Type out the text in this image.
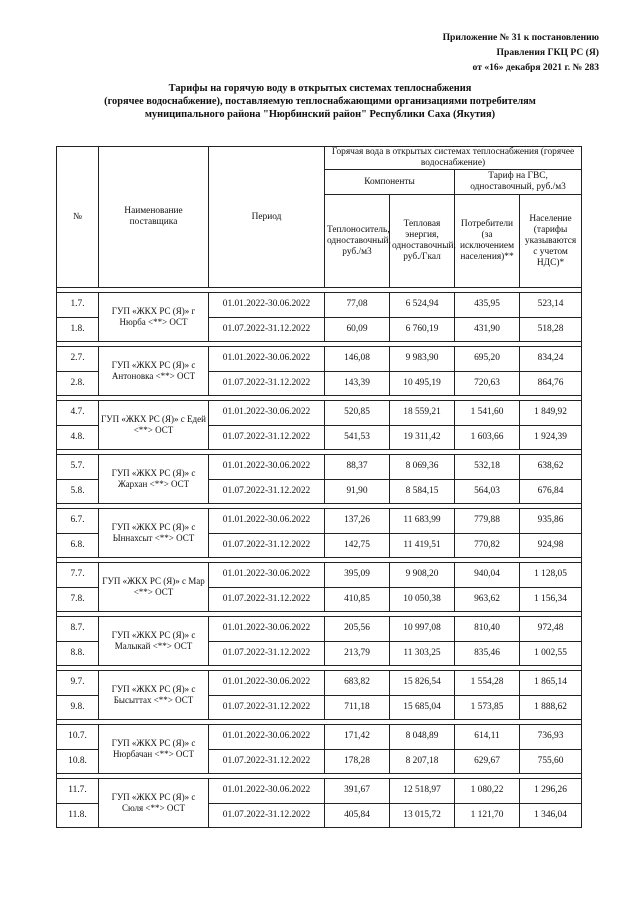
Приложение № 31 к постановлению
Правления ГКЦ РС (Я)
от «16» декабря 2021 г. № 283
Тарифы на горячую воду в открытых системах теплоснабжения
(горячее водоснабжение), поставляемую теплоснабжающими организациями потребителям
муниципального района "Нюрбинский район" Республики Саха (Якутия)
№	Наименование поставщика	Период	Горячая вода в открытых системах теплоснабжения (горячее водоснабжение)			
			Компоненты		Тариф на ГВС, одноставочный, руб./м3	
			Теплоноситель, одноставочный, руб./м3	Тепловая энергия, одноставочный, руб./Гкал	Потребители (за исключением населения)**	Население (тарифы указываются с учетом НДС)*

1.7.	ГУП «ЖКХ РС (Я)» г Нюрба <**> ОСТ	01.01.2022-30.06.2022	77,08	6 524,94	435,95	523,14
1.8.		01.07.2022-31.12.2022	60,09	6 760,19	431,90	518,28

2.7.	ГУП «ЖКХ РС (Я)» с Антоновка <**> ОСТ	01.01.2022-30.06.2022	146,08	9 983,90	695,20	834,24
2.8.		01.07.2022-31.12.2022	143,39	10 495,19	720,63	864,76

4.7.	ГУП «ЖКХ РС (Я)» с Едей <**> ОСТ	01.01.2022-30.06.2022	520,85	18 559,21	1 541,60	1 849,92
4.8.		01.07.2022-31.12.2022	541,53	19 311,42	1 603,66	1 924,39

5.7.	ГУП «ЖКХ РС (Я)» с Жархан <**> ОСТ	01.01.2022-30.06.2022	88,37	8 069,36	532,18	638,62
5.8.		01.07.2022-31.12.2022	91,90	8 584,15	564,03	676,84

6.7.	ГУП «ЖКХ РС (Я)» с Ыннахсыт <**> ОСТ	01.01.2022-30.06.2022	137,26	11 683,99	779,88	935,86
6.8.		01.07.2022-31.12.2022	142,75	11 419,51	770,82	924,98

7.7.	ГУП «ЖКХ РС (Я)» с Мар <**> ОСТ	01.01.2022-30.06.2022	395,09	9 908,20	940,04	1 128,05
7.8.		01.07.2022-31.12.2022	410,85	10 050,38	963,62	1 156,34

8.7.	ГУП «ЖКХ РС (Я)» с Малыкай <**> ОСТ	01.01.2022-30.06.2022	205,56	10 997,08	810,40	972,48
8.8.		01.07.2022-31.12.2022	213,79	11 303,25	835,46	1 002,55

9.7.	ГУП «ЖКХ РС (Я)» с Бысыттах <**> ОСТ	01.01.2022-30.06.2022	683,82	15 826,54	1 554,28	1 865,14
9.8.		01.07.2022-31.12.2022	711,18	15 685,04	1 573,85	1 888,62

10.7.	ГУП «ЖКХ РС (Я)» с Нюрбачан <**> ОСТ	01.01.2022-30.06.2022	171,42	8 048,89	614,11	736,93
10.8.		01.07.2022-31.12.2022	178,28	8 207,18	629,67	755,60

11.7.	ГУП «ЖКХ РС (Я)» с Сюля <**> ОСТ	01.01.2022-30.06.2022	391,67	12 518,97	1 080,22	1 296,26
11.8.		01.07.2022-31.12.2022	405,84	13 015,72	1 121,70	1 346,04
